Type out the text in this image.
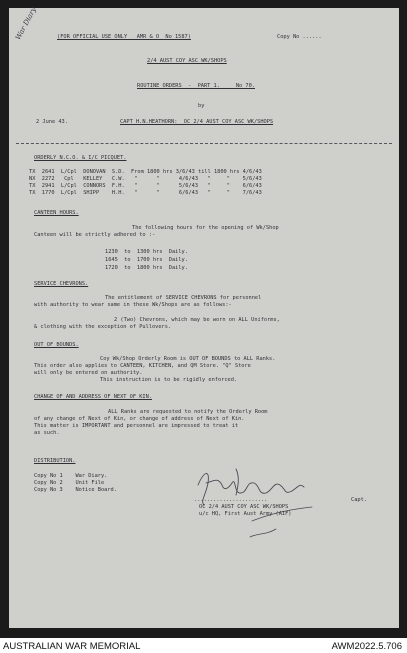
War Diary	(FOR OFFICIAL USE ONLY   AMR & O  No 1587)	Copy No ......
2/4 AUST COY ASC WK/SHOPS
ROUTINE ORDERS  -  PART 1.     No 70.
by
2 June 43.	CAPT H.N.HEATHORN:  OC 2/4 AUST COY ASC WK/SHOPS
ORDERLY N.C.O. & I/C PICQUET.
TX  2641  L/Cpl  DONOVAN  S.D.  From 1800 hrs 3/6/43 till 1800 hrs 4/6/43
NX  2272   Cpl   KELLEY   C.W.   "      "      4/6/43   "     "    5/6/43
TX  2941  L/Cpl  CONNORS  F.H.   "      "      5/6/43   "     "    6/6/43
TX  1770  L/Cpl  SHIPP    H.H.   "      "      6/6/43   "     "    7/6/43
CANTEEN HOURS.
The following hours for the opening of Wk/Shop
Canteen will be strictly adhered to :-
1230  to  1300 hrs  Daily.
1645  to  1700 hrs  Daily.
1720  to  1800 hrs  Daily.
SERVICE CHEVRONS.
The entitlement of SERVICE CHEVRONS for personnel
with authority to wear same in these Wk/Shops are as follows:-
2 (Two) Chevrons, which may be worn on ALL Uniforms,
& clothing with the exception of Pullovers.
OUT OF BOUNDS.
Coy Wk/Shop Orderly Room is OUT OF BOUNDS to ALL Ranks.
This order also applies to CANTEEN, KITCHEN, and QM Store. "Q" Store
will only be entered on authority.
This instruction is to be rigidly enforced.
CHANGE OF AND ADDRESS OF NEXT OF KIN.
ALL Ranks are requested to notify the Orderly Room
of any change of Next of Kin, or change of address of Next of Kin.
This matter is IMPORTANT and personnel are impressed to treat it
as such.
DISTRIBUTION.
Copy No 1    War Diary.
Copy No 2    Unit File
Copy No 3    Notice Board.
.......................	Capt.
OC 2/4 AUST COY ASC WK/SHOPS
u/c HQ, First Aust Army (AIF)
AUSTRALIAN WAR MEMORIAL	AWM2022.5.706
